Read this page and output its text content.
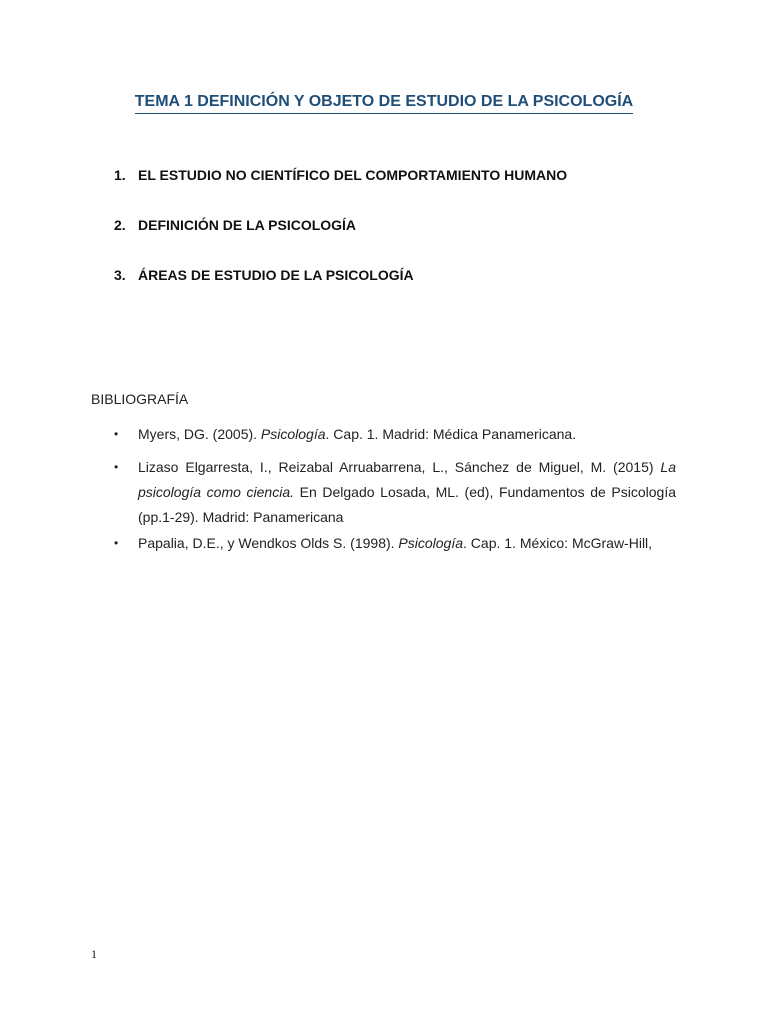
TEMA 1 DEFINICIÓN Y OBJETO DE ESTUDIO DE LA PSICOLOGÍA
1. EL ESTUDIO NO CIENTÍFICO DEL COMPORTAMIENTO HUMANO
2. DEFINICIÓN DE LA PSICOLOGÍA
3. ÁREAS DE ESTUDIO DE LA PSICOLOGÍA
BIBLIOGRAFÍA
• Myers, DG. (2005). Psicología. Cap. 1. Madrid: Médica Panamericana.
• Lizaso Elgarresta, I., Reizabal Arruabarrena, L., Sánchez de Miguel, M. (2015) La psicología como ciencia. En Delgado Losada, ML. (ed), Fundamentos de Psicología (pp.1-29). Madrid: Panamericana
• Papalia, D.E., y Wendkos Olds S. (1998). Psicología. Cap. 1. México: McGraw-Hill,
1
